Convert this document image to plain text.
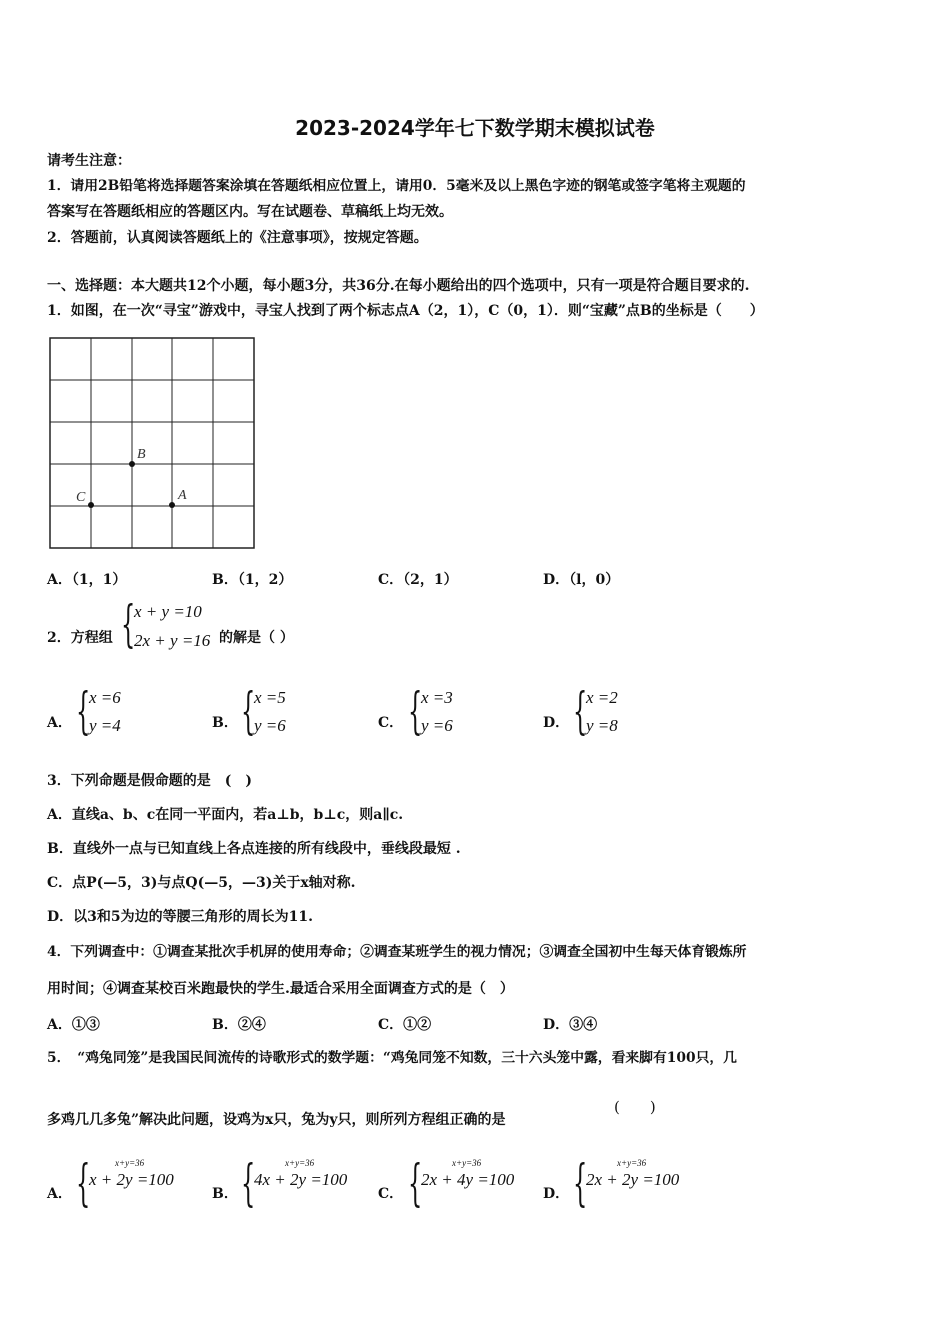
2023-2024学年七下数学期末模拟试卷
请考生注意：
1．请用2B铅笔将选择题答案涂填在答题纸相应位置上，请用0．5毫米及以上黑色字迹的钢笔或签字笔将主观题的
答案写在答题纸相应的答题区内。写在试题卷、草稿纸上均无效。
2．答题前，认真阅读答题纸上的《注意事项》，按规定答题。
一、选择题：本大题共12个小题，每小题3分，共36分.在每小题给出的四个选项中，只有一项是符合题目要求的.
1．如图，在一次“寻宝”游戏中，寻宝人找到了两个标志点A（2，1），C（0，1）．则“宝藏”点B的坐标是（　　）
B
C	A
A．（1，1）	B．（1，2）	C．（2，1）	D．（l，0）
2．方程组 {
x + y =10
2x + y =16 的解是（ ）
A． {
x =6
y =4	B． {
x =5
y =6	C． {
x =3
y =6	D． {
x =2
y =8
3．下列命题是假命题的是　(　)
A．直线a、b、c在同一平面内，若a⊥b，b⊥c，则a∥c.
B．直线外一点与已知直线上各点连接的所有线段中，垂线段最短 .
C．点P(—5，3)与点Q(—5，—3)关于x轴对称.
D．以3和5为边的等腰三角形的周长为11.
4．下列调查中：①调查某批次手机屏的使用寿命；②调查某班学生的视力情况；③调查全国初中生每天体育锻炼所
用时间；④调查某校百米跑最快的学生.最适合采用全面调查方式的是（　）
A．①③	B．②④	C．①②	D．③④
5．　“鸡兔同笼”是我国民间流传的诗歌形式的数学题：“鸡兔同笼不知数，三十六头笼中露，看来脚有100只，几
多鸡几几多兔”解决此问题，设鸡为x只，兔为y只，则所列方程组正确的是
(　　)
A． {	x+y=36
x + 2y =100
B． {	x+y=36
4x + 2y =100
C． {	x+y=36
2x + 4y =100
D． {	x+y=36
2x + 2y =100
